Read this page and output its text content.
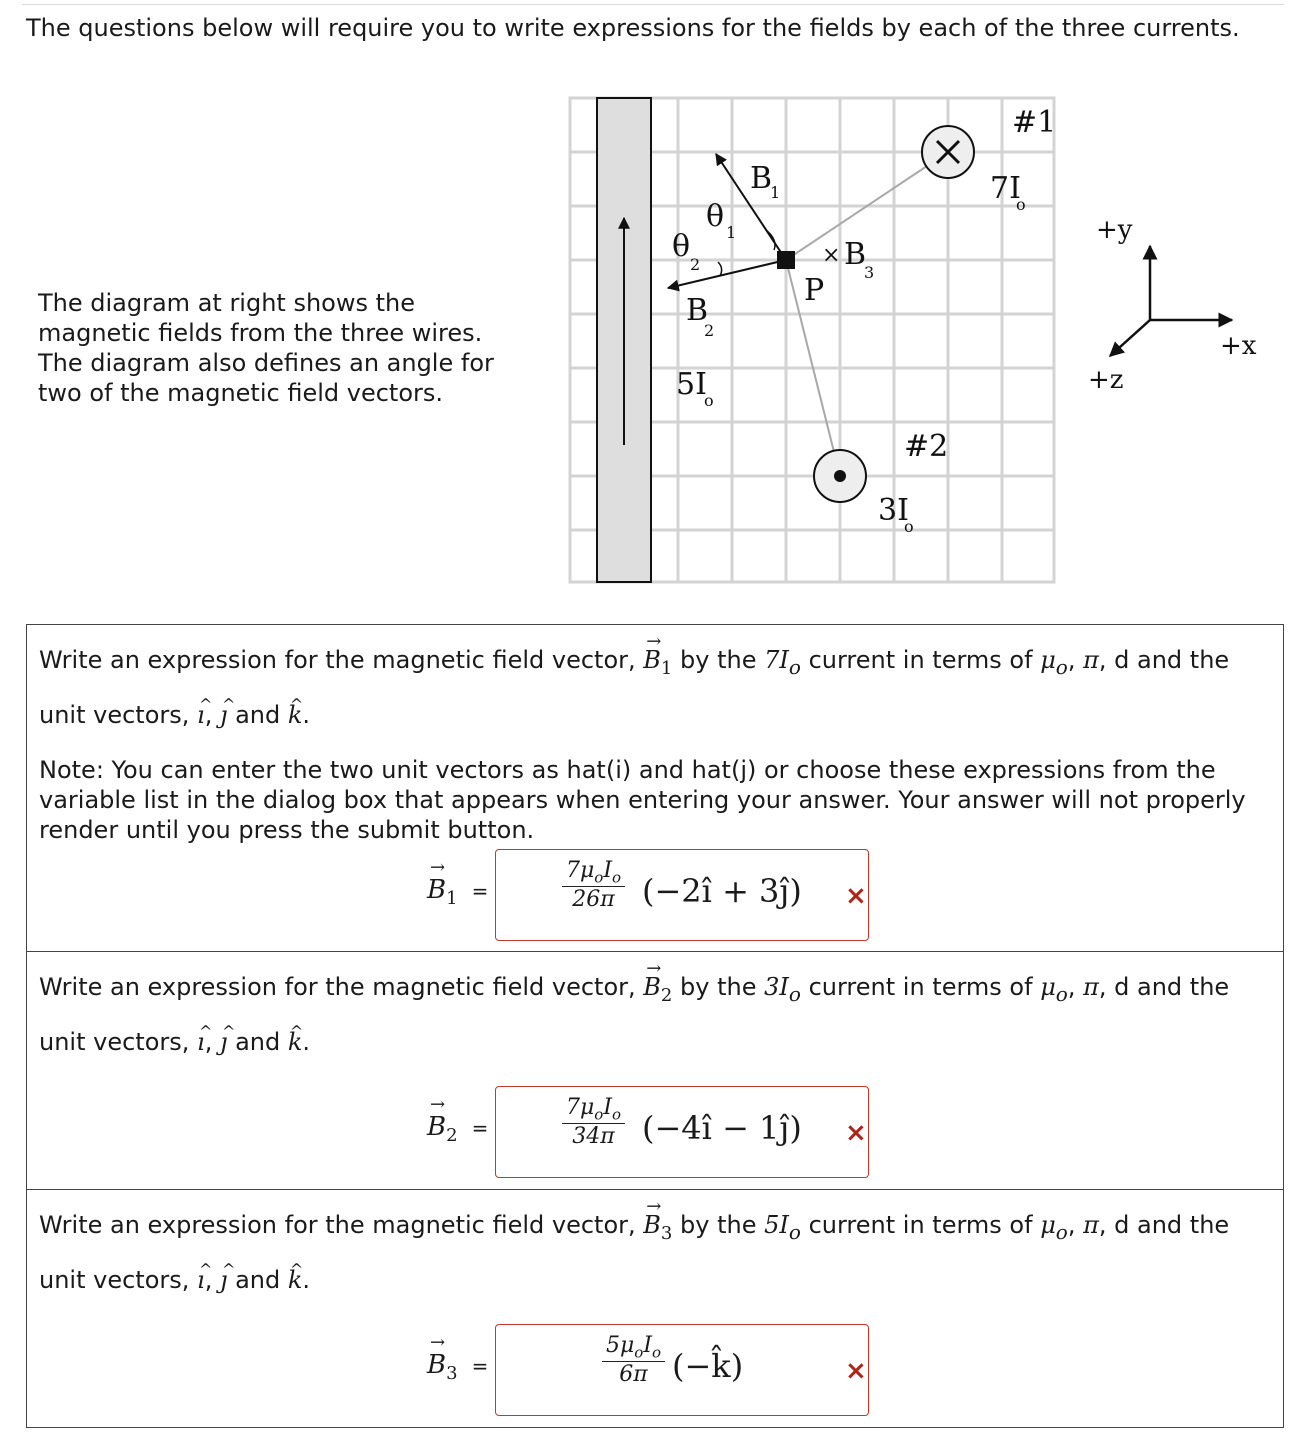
The questions below will require you to write expressions for the fields by each of the three currents.
The diagram at right shows the magnetic fields from the three wires. The diagram also defines an angle for two of the magnetic field vectors.
#1
7I
o
#2
3I
o
5I
o
P
B
1
B
2
× B
3
θ 1
θ
2
+y
+x
+z
Write an expression for the magnetic field vector, → $B_1$ by the $7I_o$ current in terms of $\mu_o$, π, d and the
unit vectors, ^ ı, ^ ȷ and ^ k.
Note: You can enter the two unit vectors as hat(i) and hat(j) or choose these expressions from the variable list in the dialog box that appears when entering your answer. Your answer will not properly render until you press the submit button.
→ $B_1$ =
$7\mu_oI_o$
26π (−2ı̂ + 3ȷ̂) ×
Write an expression for the magnetic field vector, → $B_2$ by the $3I_o$ current in terms of $\mu_o$, π, d and the
unit vectors, ^ ı, ^ ȷ and ^ k.
→ $B_2$ =
$7\mu_oI_o$
34π (−4ı̂ − 1ȷ̂) ×
Write an expression for the magnetic field vector, → $B_3$ by the $5I_o$ current in terms of $\mu_o$, π, d and the
unit vectors, ^ ı, ^ ȷ and ^ k.
→ $B_3$ =
$5\mu_oI_o$
6π (−k̂)	×
